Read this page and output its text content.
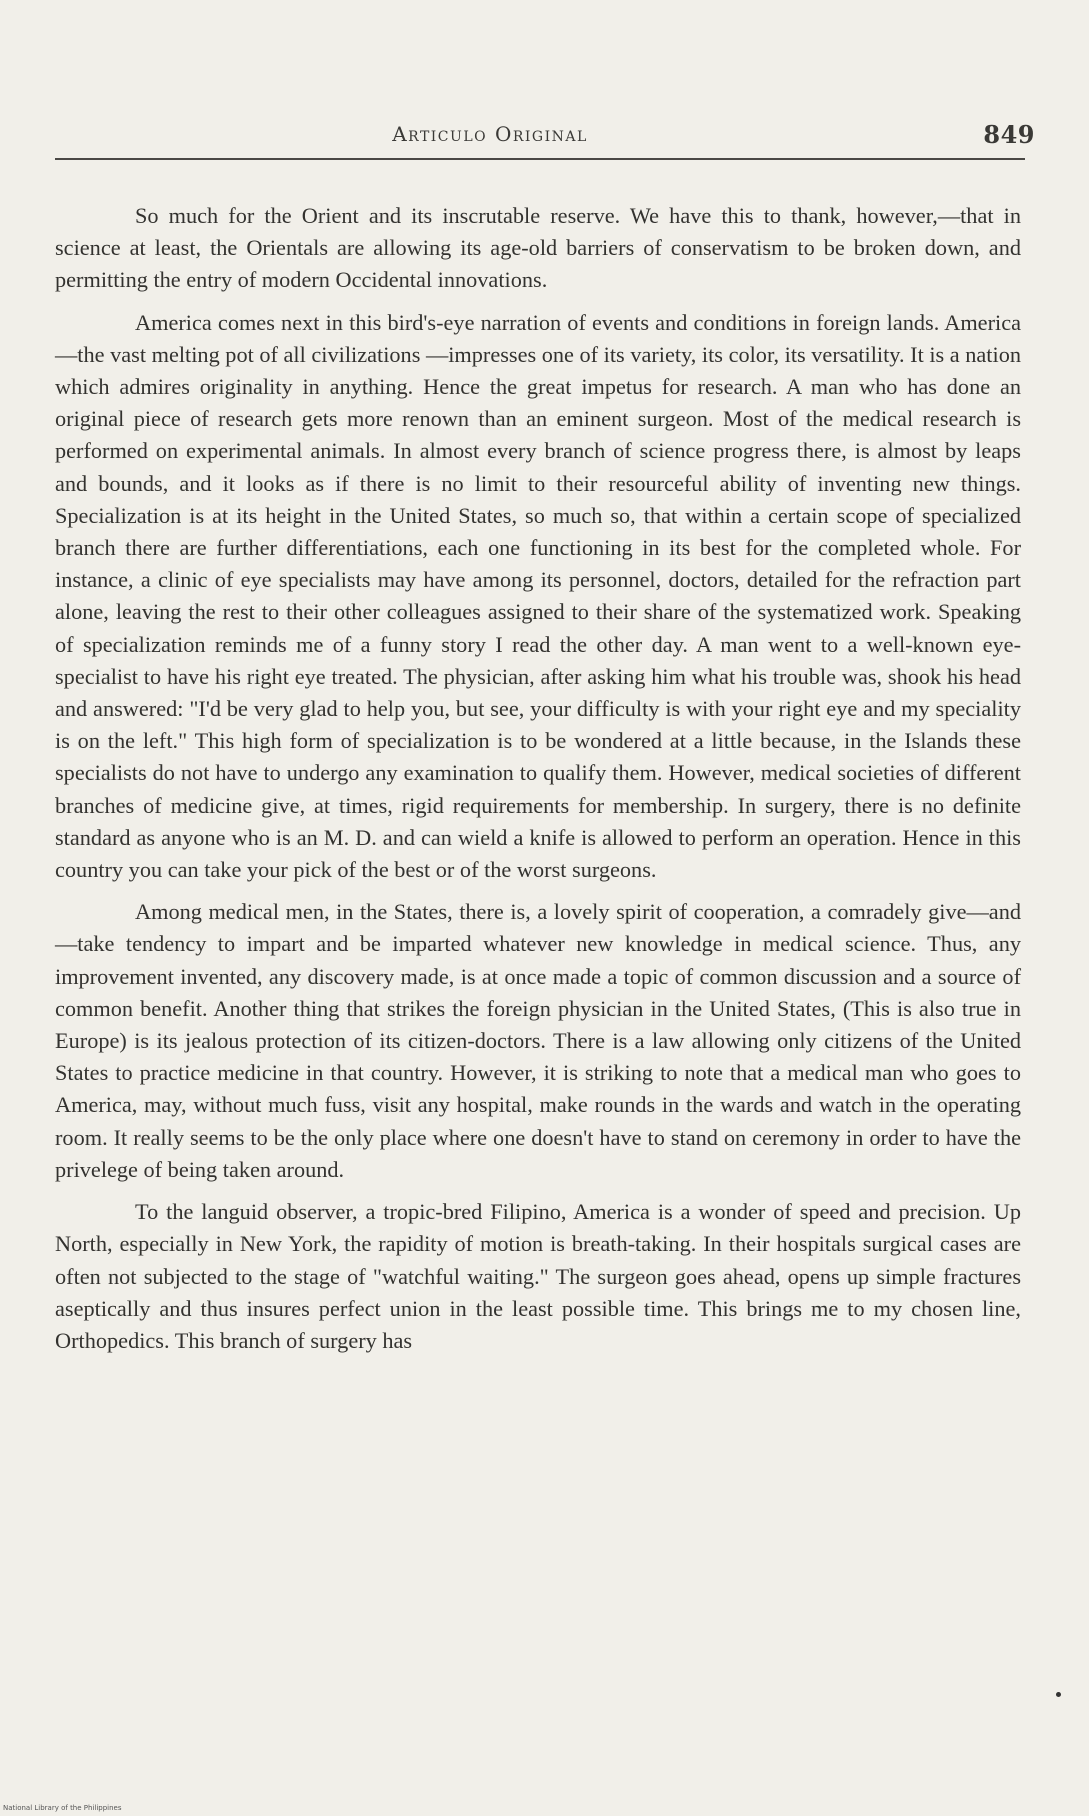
Articulo Original	849

So much for the Orient and its inscrutable reserve. We have this to thank, however,—that in science at least, the Orientals are allowing its age-old barriers of conservatism to be broken down, and permitting the entry of modern Occidental innovations.

America comes next in this bird's-eye narration of events and conditions in foreign lands. America—the vast melting pot of all civilizations —impresses one of its variety, its color, its versatility. It is a nation which admires originality in anything. Hence the great impetus for research. A man who has done an original piece of research gets more renown than an eminent surgeon. Most of the medical research is performed on experimental animals. In almost every branch of science progress there, is almost by leaps and bounds, and it looks as if there is no limit to their resourceful ability of inventing new things. Specialization is at its height in the United States, so much so, that within a certain scope of specialized branch there are further differentiations, each one functioning in its best for the completed whole. For instance, a clinic of eye specialists may have among its personnel, doctors, detailed for the refraction part alone, leaving the rest to their other colleagues assigned to their share of the systematized work. Speaking of specialization reminds me of a funny story I read the other day. A man went to a well-known eye-specialist to have his right eye treated. The physician, after asking him what his trouble was, shook his head and answered: "I'd be very glad to help you, but see, your difficulty is with your right eye and my speciality is on the left." This high form of specialization is to be wondered at a little because, in the Islands these specialists do not have to undergo any examination to qualify them. However, medical societies of different branches of medicine give, at times, rigid requirements for membership. In surgery, there is no definite standard as anyone who is an M. D. and can wield a knife is allowed to perform an operation. Hence in this country you can take your pick of the best or of the worst surgeons.

Among medical men, in the States, there is, a lovely spirit of cooperation, a comradely give—and—take tendency to impart and be imparted whatever new knowledge in medical science. Thus, any improvement invented, any discovery made, is at once made a topic of common discussion and a source of common benefit. Another thing that strikes the foreign physician in the United States, (This is also true in Europe) is its jealous protection of its citizen-doctors. There is a law allowing only citizens of the United States to practice medicine in that country. However, it is striking to note that a medical man who goes to America, may, without much fuss, visit any hospital, make rounds in the wards and watch in the operating room. It really seems to be the only place where one doesn't have to stand on ceremony in order to have the privelege of being taken around.

To the languid observer, a tropic-bred Filipino, America is a wonder of speed and precision. Up North, especially in New York, the rapidity of motion is breath-taking. In their hospitals surgical cases are often not subjected to the stage of "watchful waiting." The surgeon goes ahead, opens up simple fractures aseptically and thus insures perfect union in the least possible time. This brings me to my chosen line, Orthopedics. This branch of surgery has

National Library of the Philippines
